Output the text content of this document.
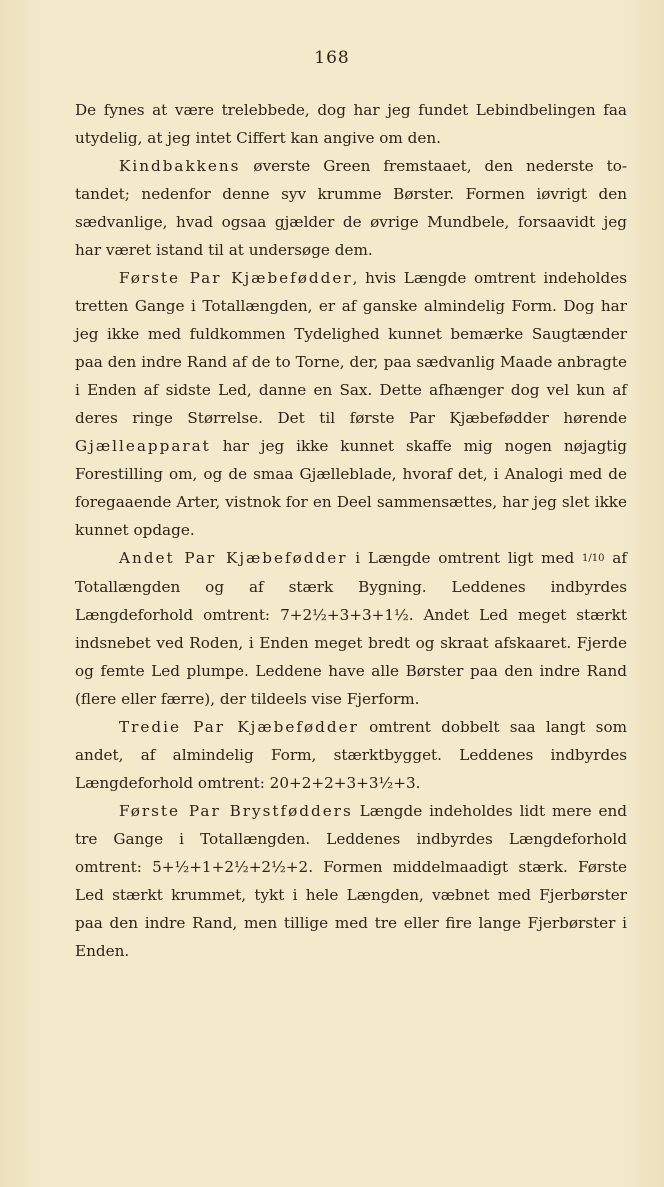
168

De fynes at være trelebbede, dog har jeg fundet Lebindbelingen faa utydelig, at jeg intet Ciffert kan angive om den.

Kindbakkens øverste Green fremstaaet, den nederste to-tandet; nedenfor denne syv krumme Børster. Formen iøvrigt den sædvanlige, hvad ogsaa gjælder de øvrige Mundbele, forsaavidt jeg har været istand til at undersøge dem.

Første Par Kjæbefødder, hvis Længde omtrent indeholdes tretten Gange i Totallængden, er af ganske almindelig Form. Dog har jeg ikke med fuldkommen Tydelighed kunnet bemærke Saugtænder paa den indre Rand af de to Torne, der, paa sædvanlig Maade anbragte i Enden af sidste Led, danne en Sax. Dette afhænger dog vel kun af deres ringe Størrelse. Det til første Par Kjæbefødder hørende Gjælleapparat har jeg ikke kunnet skaffe mig nogen nøjagtig Forestilling om, og de smaa Gjælleblade, hvoraf det, i Analogi med de foregaaende Arter, vistnok for en Deel sammensættes, har jeg slet ikke kunnet opdage.

Andet Par Kjæbefødder i Længde omtrent ligt med 1/10 af Totallængden og af stærk Bygning. Leddenes indbyrdes Længdeforhold omtrent: 7+2½+3+3+1½. Andet Led meget stærkt indsnebet ved Roden, i Enden meget bredt og skraat afskaaret. Fjerde og femte Led plumpe. Leddene have alle Børster paa den indre Rand (flere eller færre), der tildeels vise Fjerform.

Tredie Par Kjæbefødder omtrent dobbelt saa langt som andet, af almindelig Form, stærktbygget. Leddenes indbyrdes Længdeforhold omtrent: 20+2+2+3+3½+3.

Første Par Brystfødders Længde indeholdes lidt mere end tre Gange i Totallængden. Leddenes indbyrdes Længdeforhold omtrent: 5+½+1+2½+2½+2. Formen middelmaadigt stærk. Første Led stærkt krummet, tykt i hele Længden, væbnet med Fjerbørster paa den indre Rand, men tillige med tre eller fire lange Fjerbørster i Enden.
